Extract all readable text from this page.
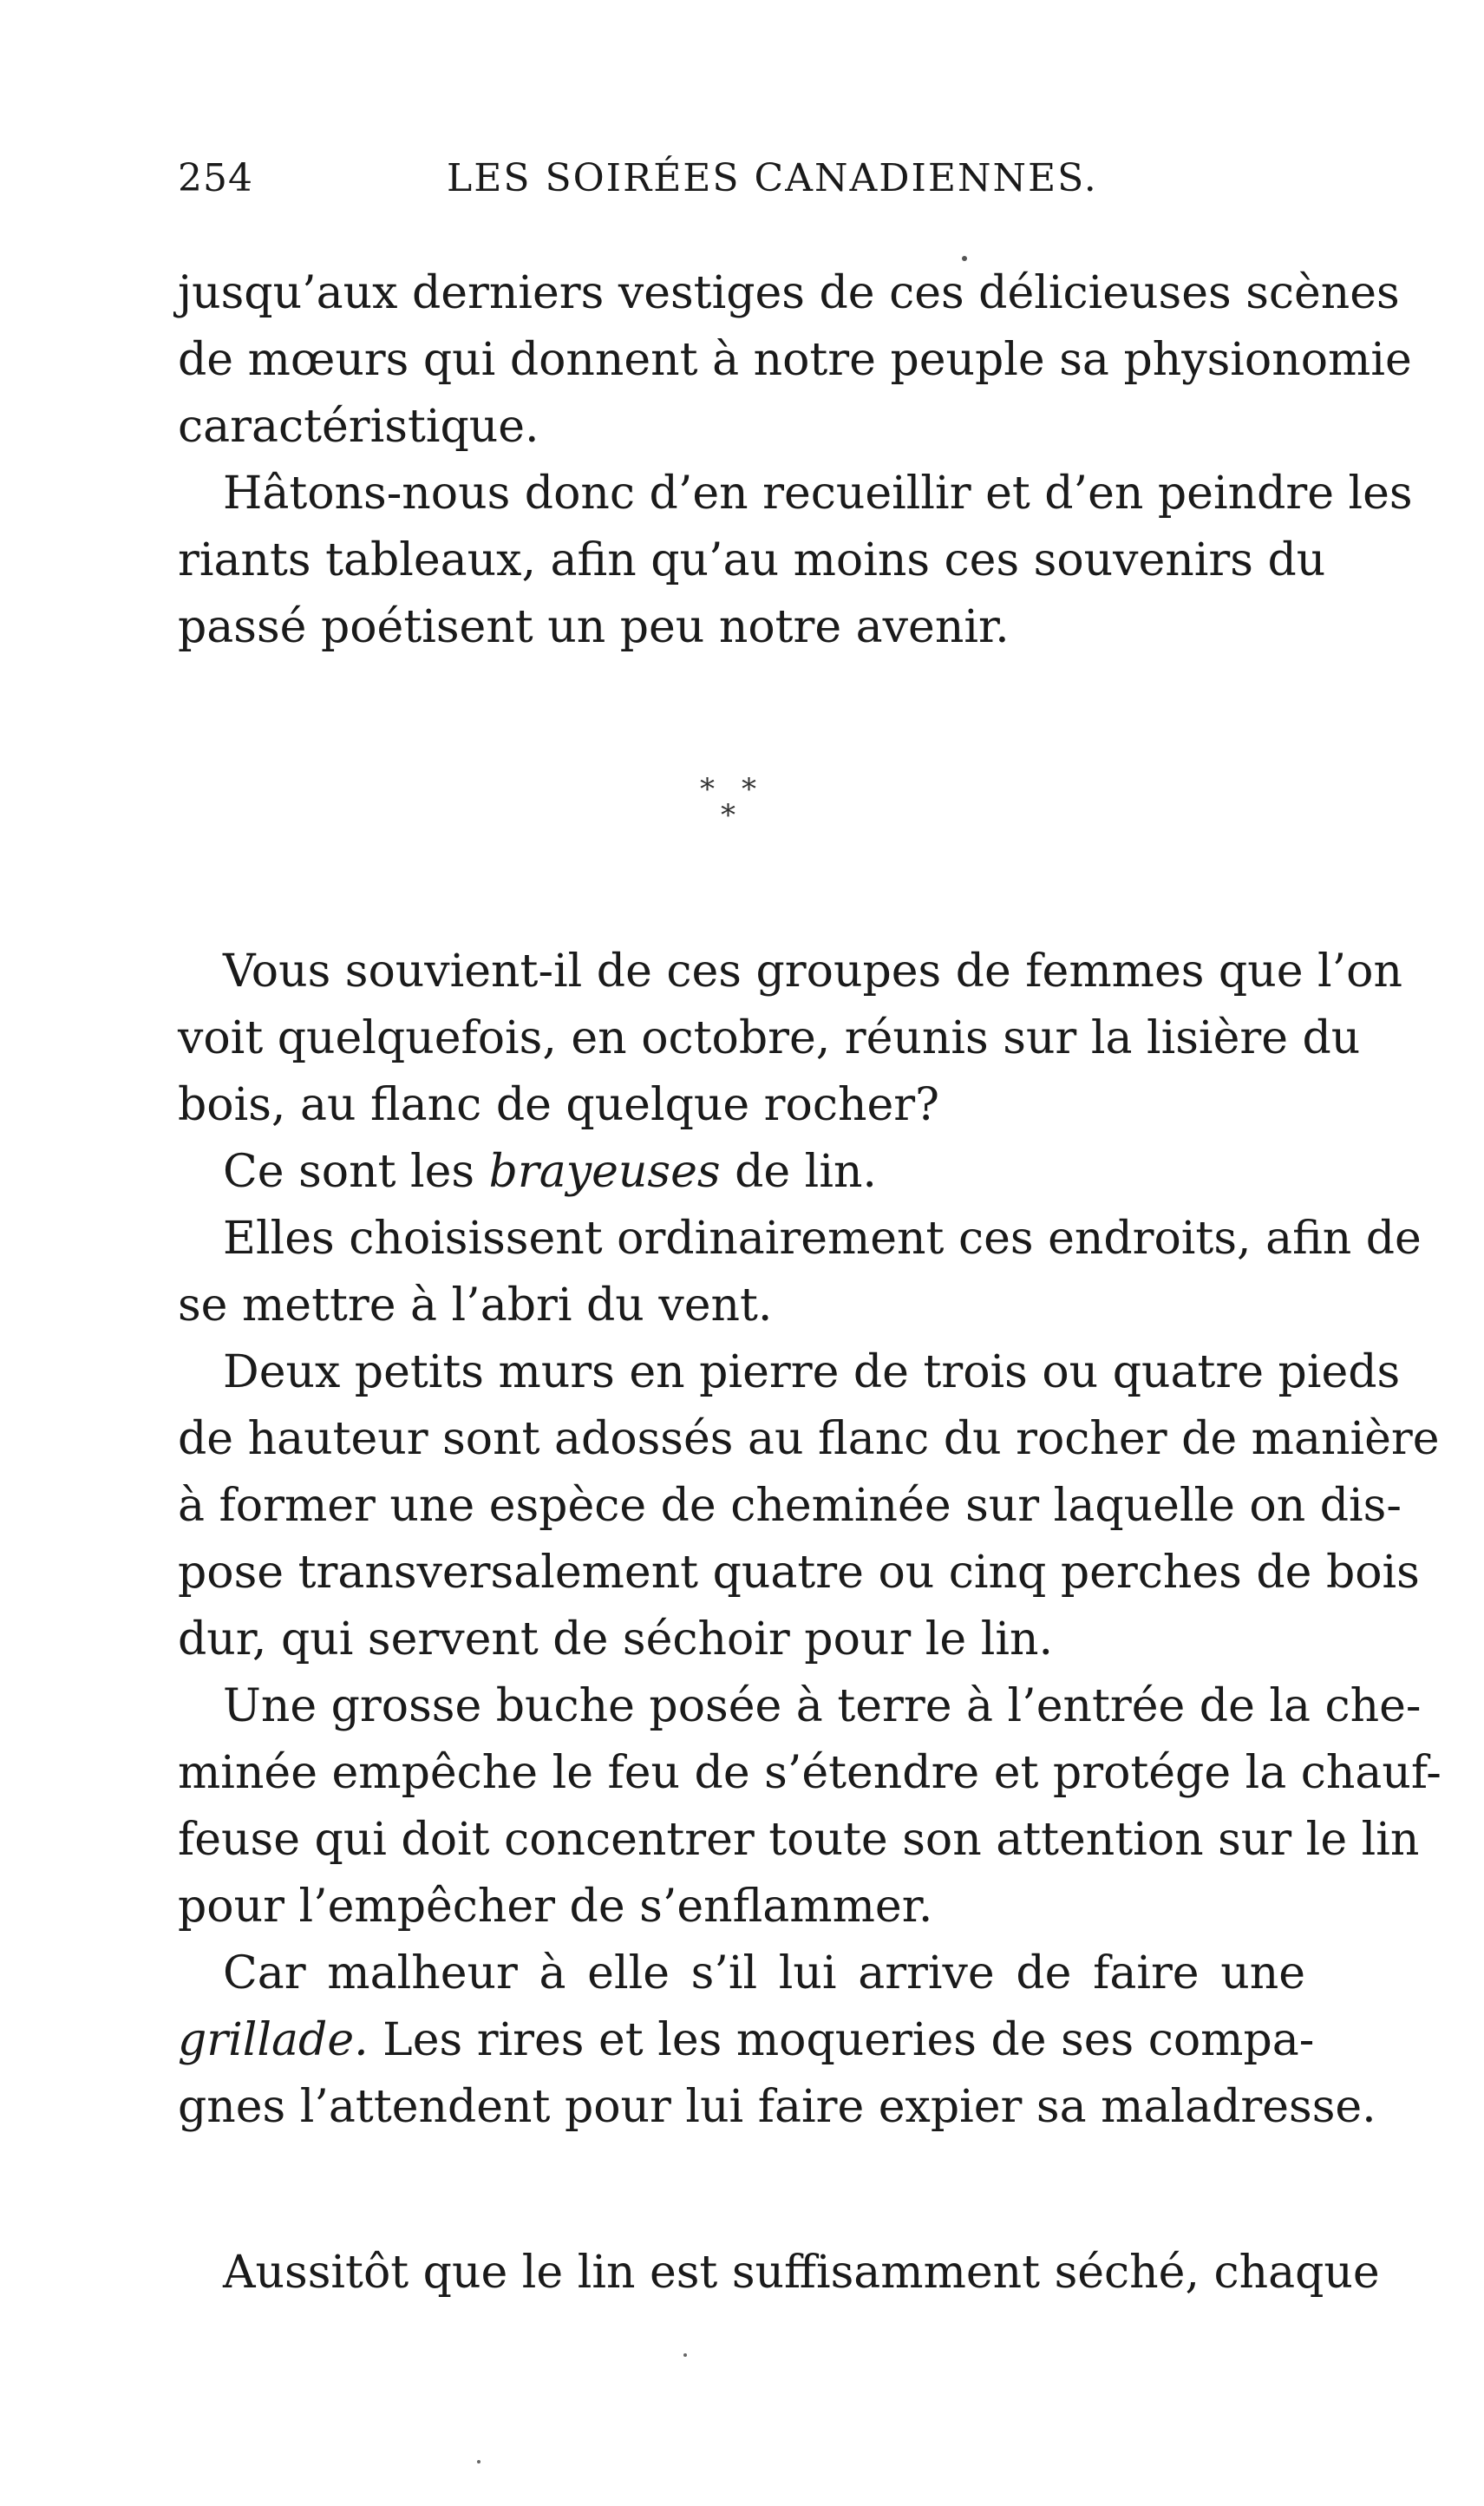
254	LES SOIRÉES CANADIENNES.
jusqu’aux derniers vestiges de ces délicieuses scènes
de mœurs qui donnent à notre peuple sa physionomie
caractéristique.
Hâtons-nous donc d’en recueillir et d’en peindre les
riants tableaux, afin qu’au moins ces souvenirs du
passé poétisent un peu notre avenir.
* *
*
Vous souvient-il de ces groupes de femmes que l’on
voit quelquefois, en octobre, réunis sur la lisière du
bois, au flanc de quelque rocher?
Ce sont les brayeuses de lin.
Elles choisissent ordinairement ces endroits, afin de
se mettre à l’abri du vent.
Deux petits murs en pierre de trois ou quatre pieds
de hauteur sont adossés au flanc du rocher de manière
à former une espèce de cheminée sur laquelle on dis-
pose transversalement quatre ou cinq perches de bois
dur, qui servent de séchoir pour le lin.
Une grosse buche posée à terre à l’entrée de la che-
minée empêche le feu de s’étendre et protége la chauf-
feuse qui doit concentrer toute son attention sur le lin
pour l’empêcher de s’enflammer.
Car malheur à elle s’il lui arrive de faire une
grillade. Les rires et les moqueries de ses compa-
gnes l’attendent pour lui faire expier sa maladresse.
Aussitôt que le lin est suffisamment séché, chaque
